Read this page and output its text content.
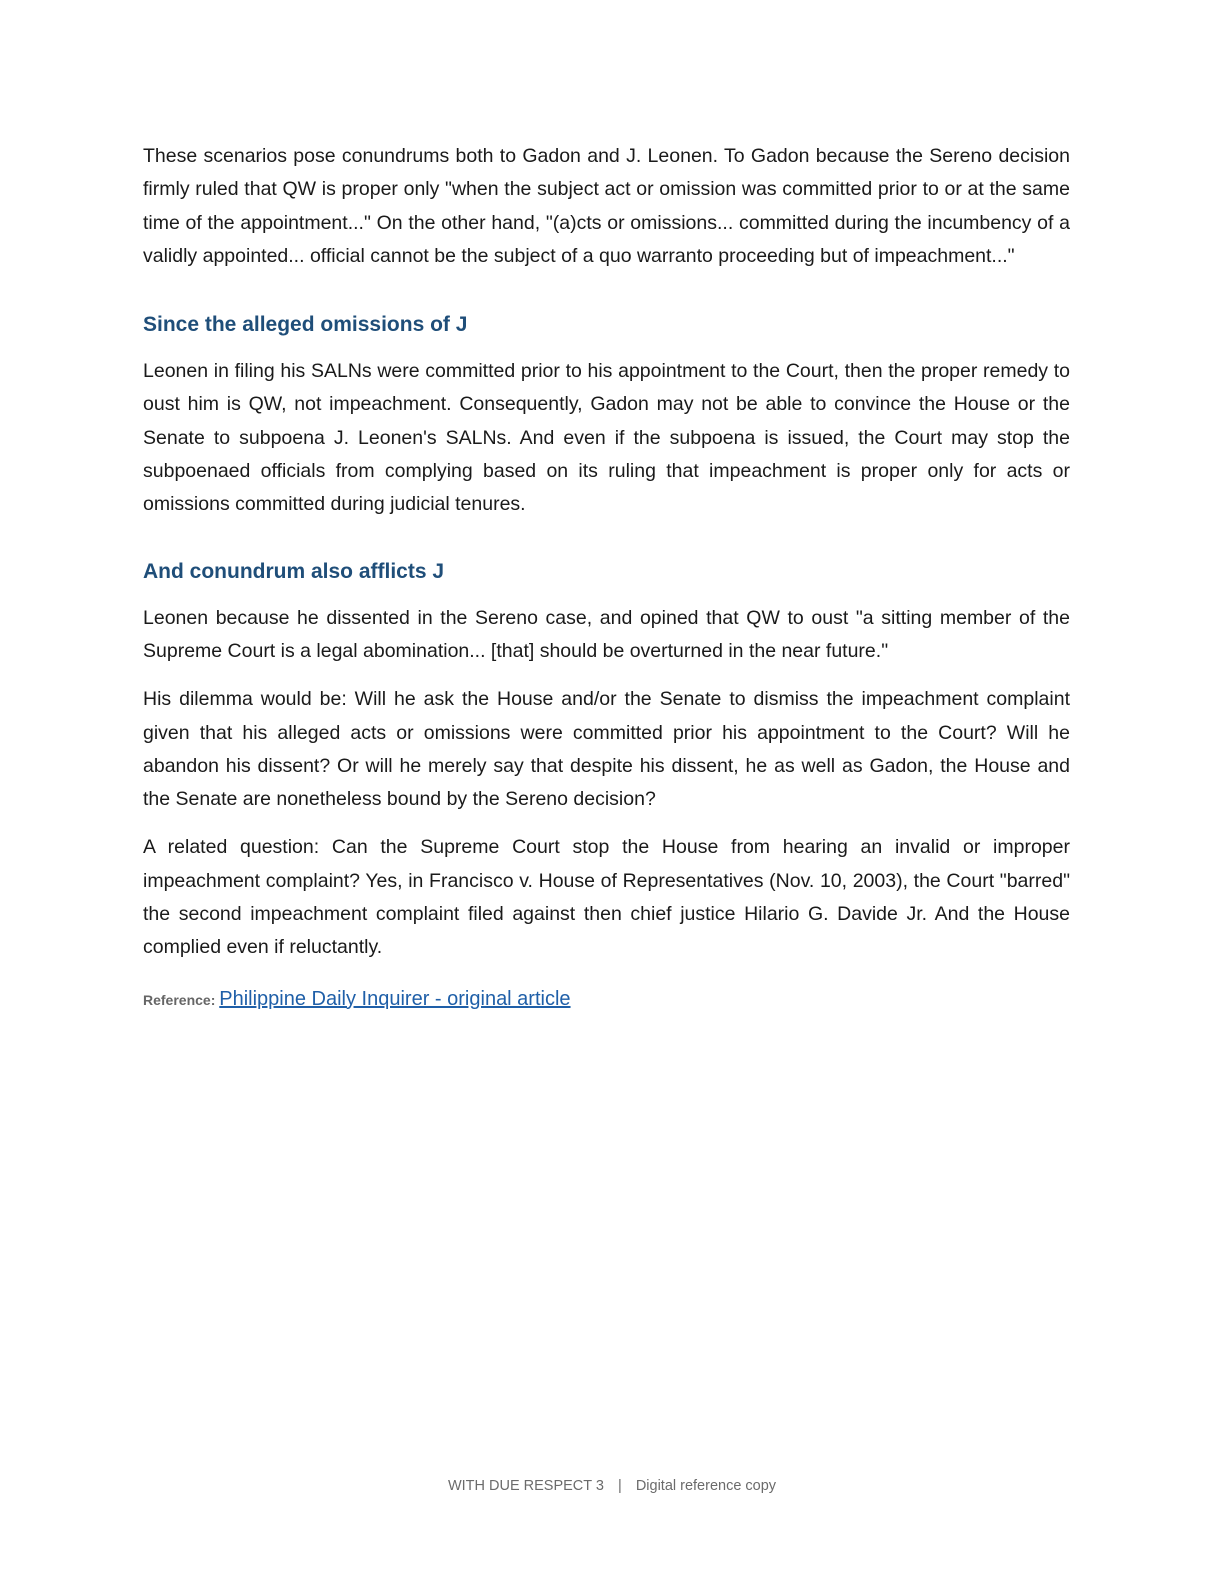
These scenarios pose conundrums both to Gadon and J. Leonen. To Gadon because the Sereno decision firmly ruled that QW is proper only "when the subject act or omission was committed prior to or at the same time of the appointment..." On the other hand, "(a)cts or omissions... committed during the incumbency of a validly appointed... official cannot be the subject of a quo warranto proceeding but of impeachment..."

Since the alleged omissions of J

Leonen in filing his SALNs were committed prior to his appointment to the Court, then the proper remedy to oust him is QW, not impeachment. Consequently, Gadon may not be able to convince the House or the Senate to subpoena J. Leonen's SALNs. And even if the subpoena is issued, the Court may stop the subpoenaed officials from complying based on its ruling that impeachment is proper only for acts or omissions committed during judicial tenures.

And conundrum also afflicts J

Leonen because he dissented in the Sereno case, and opined that QW to oust "a sitting member of the Supreme Court is a legal abomination... [that] should be overturned in the near future."

His dilemma would be: Will he ask the House and/or the Senate to dismiss the impeachment complaint given that his alleged acts or omissions were committed prior his appointment to the Court? Will he abandon his dissent? Or will he merely say that despite his dissent, he as well as Gadon, the House and the Senate are nonetheless bound by the Sereno decision?

A related question: Can the Supreme Court stop the House from hearing an invalid or improper impeachment complaint? Yes, in Francisco v. House of Representatives (Nov. 10, 2003), the Court "barred" the second impeachment complaint filed against then chief justice Hilario G. Davide Jr. And the House complied even if reluctantly.

Reference: Philippine Daily Inquirer - original article
WITH DUE RESPECT 3 | Digital reference copy
